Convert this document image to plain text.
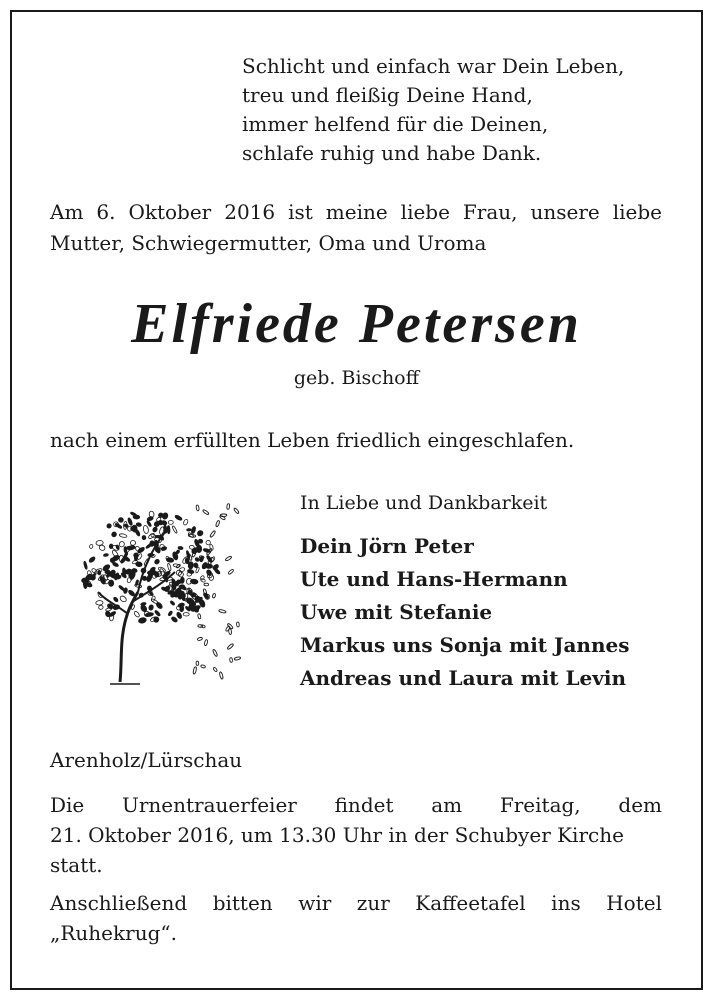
Schlicht und einfach war Dein Leben,
treu und fleißig Deine Hand,
immer helfend für die Deinen,
schlafe ruhig und habe Dank.
Am 6. Oktober 2016 ist meine liebe Frau, unsere liebe Mutter, Schwiegermutter, Oma und Uroma
Elfriede Petersen
geb. Bischoff
nach einem erfüllten Leben friedlich eingeschlafen.
In Liebe und Dankbarkeit
Dein Jörn Peter
Ute und Hans-Hermann
Uwe mit Stefanie
Markus uns Sonja mit Jannes
Andreas und Laura mit Levin
Arenholz/Lürschau
Die Urnentrauerfeier findet am Freitag, dem
21. Oktober 2016, um 13.30 Uhr in der Schubyer Kirche
statt.
Anschließend bitten wir zur Kaffeetafel ins Hotel
„Ruhekrug“.
